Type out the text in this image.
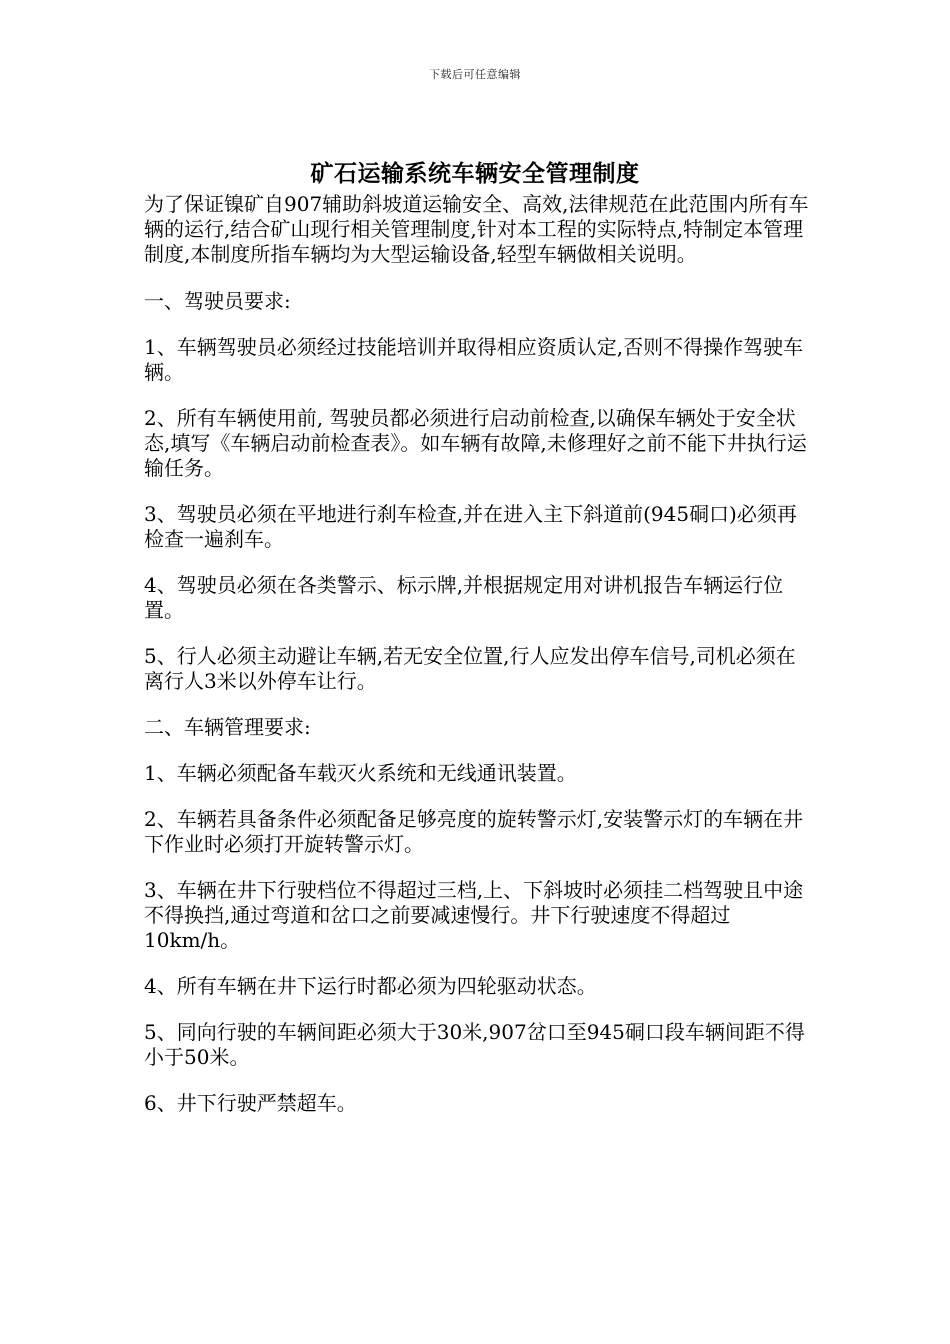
下载后可任意编辑
矿石运输系统车辆安全管理制度

为了保证镍矿自907辅助斜坡道运输安全、高效,法律规范在此范围内所有车辆的运行,结合矿山现行相关管理制度,针对本工程的实际特点,特制定本管理制度,本制度所指车辆均为大型运输设备,轻型车辆做相关说明。

一、驾驶员要求:

1、车辆驾驶员必须经过技能培训并取得相应资质认定,否则不得操作驾驶车辆。

2、所有车辆使用前, 驾驶员都必须进行启动前检查,以确保车辆处于安全状态,填写《车辆启动前检查表》。如车辆有故障,未修理好之前不能下井执行运输任务。

3、驾驶员必须在平地进行刹车检查,并在进入主下斜道前(945硐口)必须再检查一遍刹车。

4、驾驶员必须在各类警示、标示牌,并根据规定用对讲机报告车辆运行位置。

5、行人必须主动避让车辆,若无安全位置,行人应发出停车信号,司机必须在离行人3米以外停车让行。

二、车辆管理要求:

1、车辆必须配备车载灭火系统和无线通讯装置。

2、车辆若具备条件必须配备足够亮度的旋转警示灯,安装警示灯的车辆在井下作业时必须打开旋转警示灯。

3、车辆在井下行驶档位不得超过三档,上、下斜坡时必须挂二档驾驶且中途不得换挡,通过弯道和岔口之前要减速慢行。井下行驶速度不得超过10km/h。

4、所有车辆在井下运行时都必须为四轮驱动状态。

5、同向行驶的车辆间距必须大于30米,907岔口至945硐口段车辆间距不得小于50米。

6、井下行驶严禁超车。
